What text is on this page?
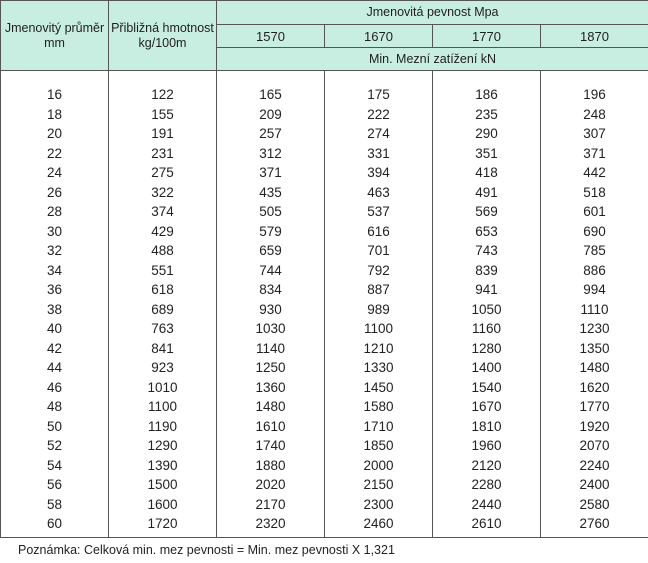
Jmenovitý průměr mm	Přibližná hmotnost kg/100m	Jmenovitá pevnost Mpa			
		1570	1670	1770	1870
		Min. Mezní zatížení kN			

16	122	165	175	186	196
18	155	209	222	235	248
20	191	257	274	290	307
22	231	312	331	351	371
24	275	371	394	418	442
26	322	435	463	491	518
28	374	505	537	569	601
30	429	579	616	653	690
32	488	659	701	743	785
34	551	744	792	839	886
36	618	834	887	941	994
38	689	930	989	1050	1110
40	763	1030	1100	1160	1230
42	841	1140	1210	1280	1350
44	923	1250	1330	1400	1480
46	1010	1360	1450	1540	1620
48	1100	1480	1580	1670	1770
50	1190	1610	1710	1810	1920
52	1290	1740	1850	1960	2070
54	1390	1880	2000	2120	2240
56	1500	2020	2150	2280	2400
58	1600	2170	2300	2440	2580
60	1720	2320	2460	2610	2760
Poznámka: Celková min. mez pevnosti = Min. mez pevnosti X 1,321
